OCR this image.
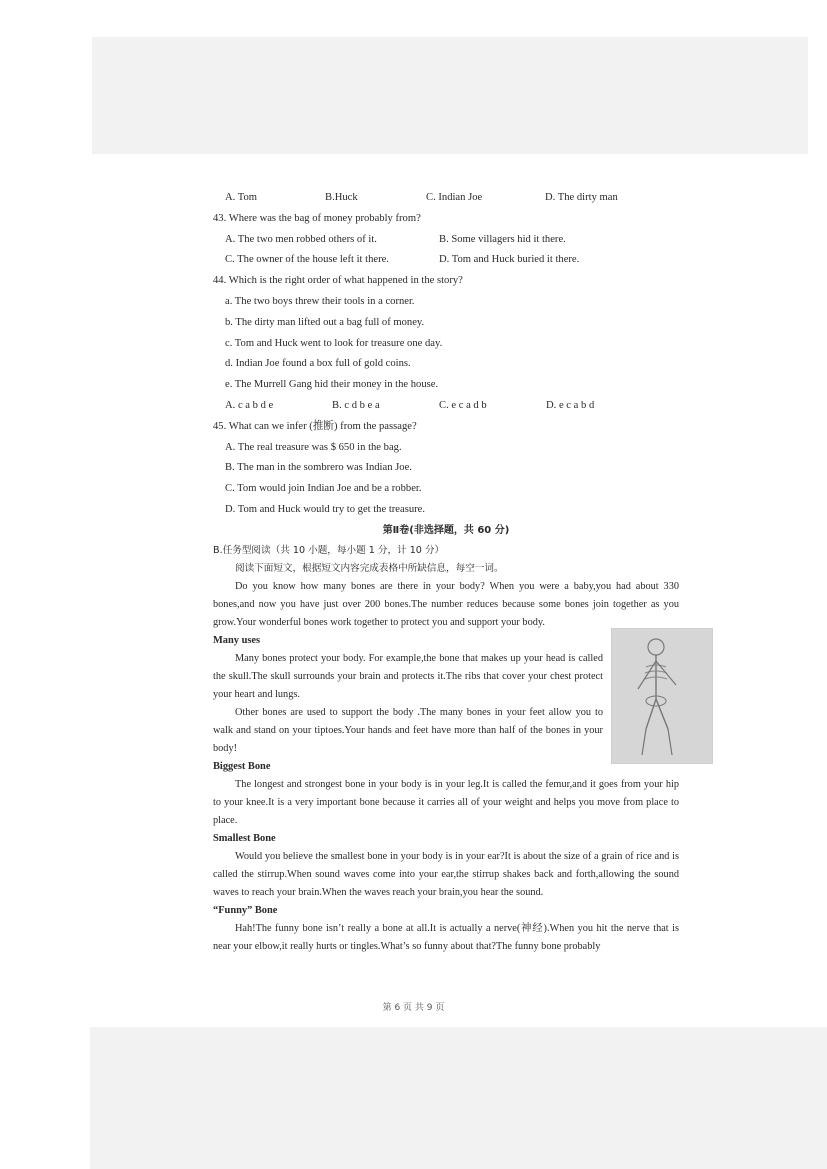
A. Tom	B.Huck	C. Indian Joe	D. The dirty man
43. Where was the bag of money probably from?
A. The two men robbed others of it.	B. Some villagers hid it there.
C. The owner of the house left it there.	D. Tom and Huck buried it there.
44. Which is the right order of what happened in the story?
a. The two boys threw their tools in a corner.
b. The dirty man lifted out a bag full of money.
c. Tom and Huck went to look for treasure one day.
d. Indian Joe found a box full of gold coins.
e. The Murrell Gang hid their money in the house.
A. c a b d e	B. c d b e a	C. e c a d b	D. e c a b d
45. What can we infer (推断) from the passage?
A. The real treasure was $ 650 in the bag.
B. The man in the sombrero was Indian Joe.
C. Tom would join Indian Joe and be a robber.
D. Tom and Huck would try to get the treasure.
第Ⅱ卷(非选择题，共 60 分)
B.任务型阅读（共 10 小题，每小题 1 分，计 10 分）
阅读下面短文，根据短文内容完成表格中所缺信息，每空一词。
Do you know how many bones are there in your body? When you were a baby,you had about 330 bones,and now you have just over 200 bones.The number reduces because some bones join together as you grow.Your wonderful bones work together to protect you and support your body.
Many uses
Many bones protect your body. For example,the bone that makes up your head is called the skull.The skull surrounds your brain and protects it.The ribs that cover your chest protect your heart and lungs.
Other bones are used to support the body .The many bones in your feet allow you to walk and stand on your tiptoes.Your hands and feet have more than half of the bones in your body!
Biggest Bone
The longest and strongest bone in your body is in your leg.It is called the femur,and it goes from your hip to your knee.It is a very important bone because it carries all of your weight and helps you move from place to place.
Smallest Bone
Would you believe the smallest bone in your body is in your ear?It is about the size of a grain of rice and is called the stirrup.When sound waves come into your ear,the stirrup shakes back and forth,allowing the sound waves to reach your brain.When the waves reach your brain,you hear the sound.
“Funny” Bone
Hah!The funny bone isn’t really a bone at all.It is actually a nerve(神经).When you hit the nerve that is near your elbow,it really hurts or tingles.What’s so funny about that?The funny bone probably
第 6 页 共 9 页
